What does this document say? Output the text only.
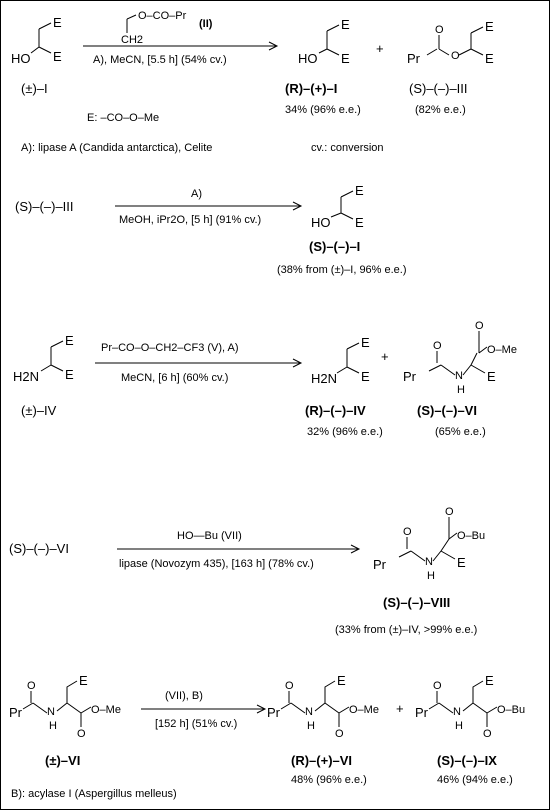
E
E
HO
(±)–I
O–CO–Pr
CH2
(II)
A), MeCN, [5.5 h] (54% cv.)
E
E
HO
(R)–(+)–I
34% (96% e.e.)
+
E
E
O
O
Pr
(S)–(–)–III
(82% e.e.)
E: –CO–O–Me
A): lipase A (Candida antarctica), Celite	cv.: conversion
(S)–(–)–III
A)
MeOH, iPr2O, [5 h] (91% cv.)
E
E
HO
(S)–(–)–I
(38% from (±)–I, 96% e.e.)
E
E
H2N
(±)–IV
Pr–CO–O–CH2–CF3 (V), A)
MeCN, [6 h] (60% cv.)
E
E
H2N
(R)–(–)–IV
32% (96% e.e.)
+
O
O–Me
O
N
H
E
Pr
(S)–(–)–VI
(65% e.e.)
(S)–(–)–VI
HO—Bu (VII)
lipase (Novozym 435), [163 h] (78% cv.)
O
O–Bu
O
N
H
E
Pr
(S)–(–)–VIII
(33% from (±)–IV, >99% e.e.)
E
N
H
O
O
O–Me
Pr
(±)–VI
(VII), B)
[152 h] (51% cv.)
E
N
H
O
O
O–Me
Pr
(R)–(+)–VI
48% (96% e.e.)
+
E
N
H
O
O
O–Bu
Pr
(S)–(–)–IX
46% (94% e.e.)
B): acylase I (Aspergillus melleus)
